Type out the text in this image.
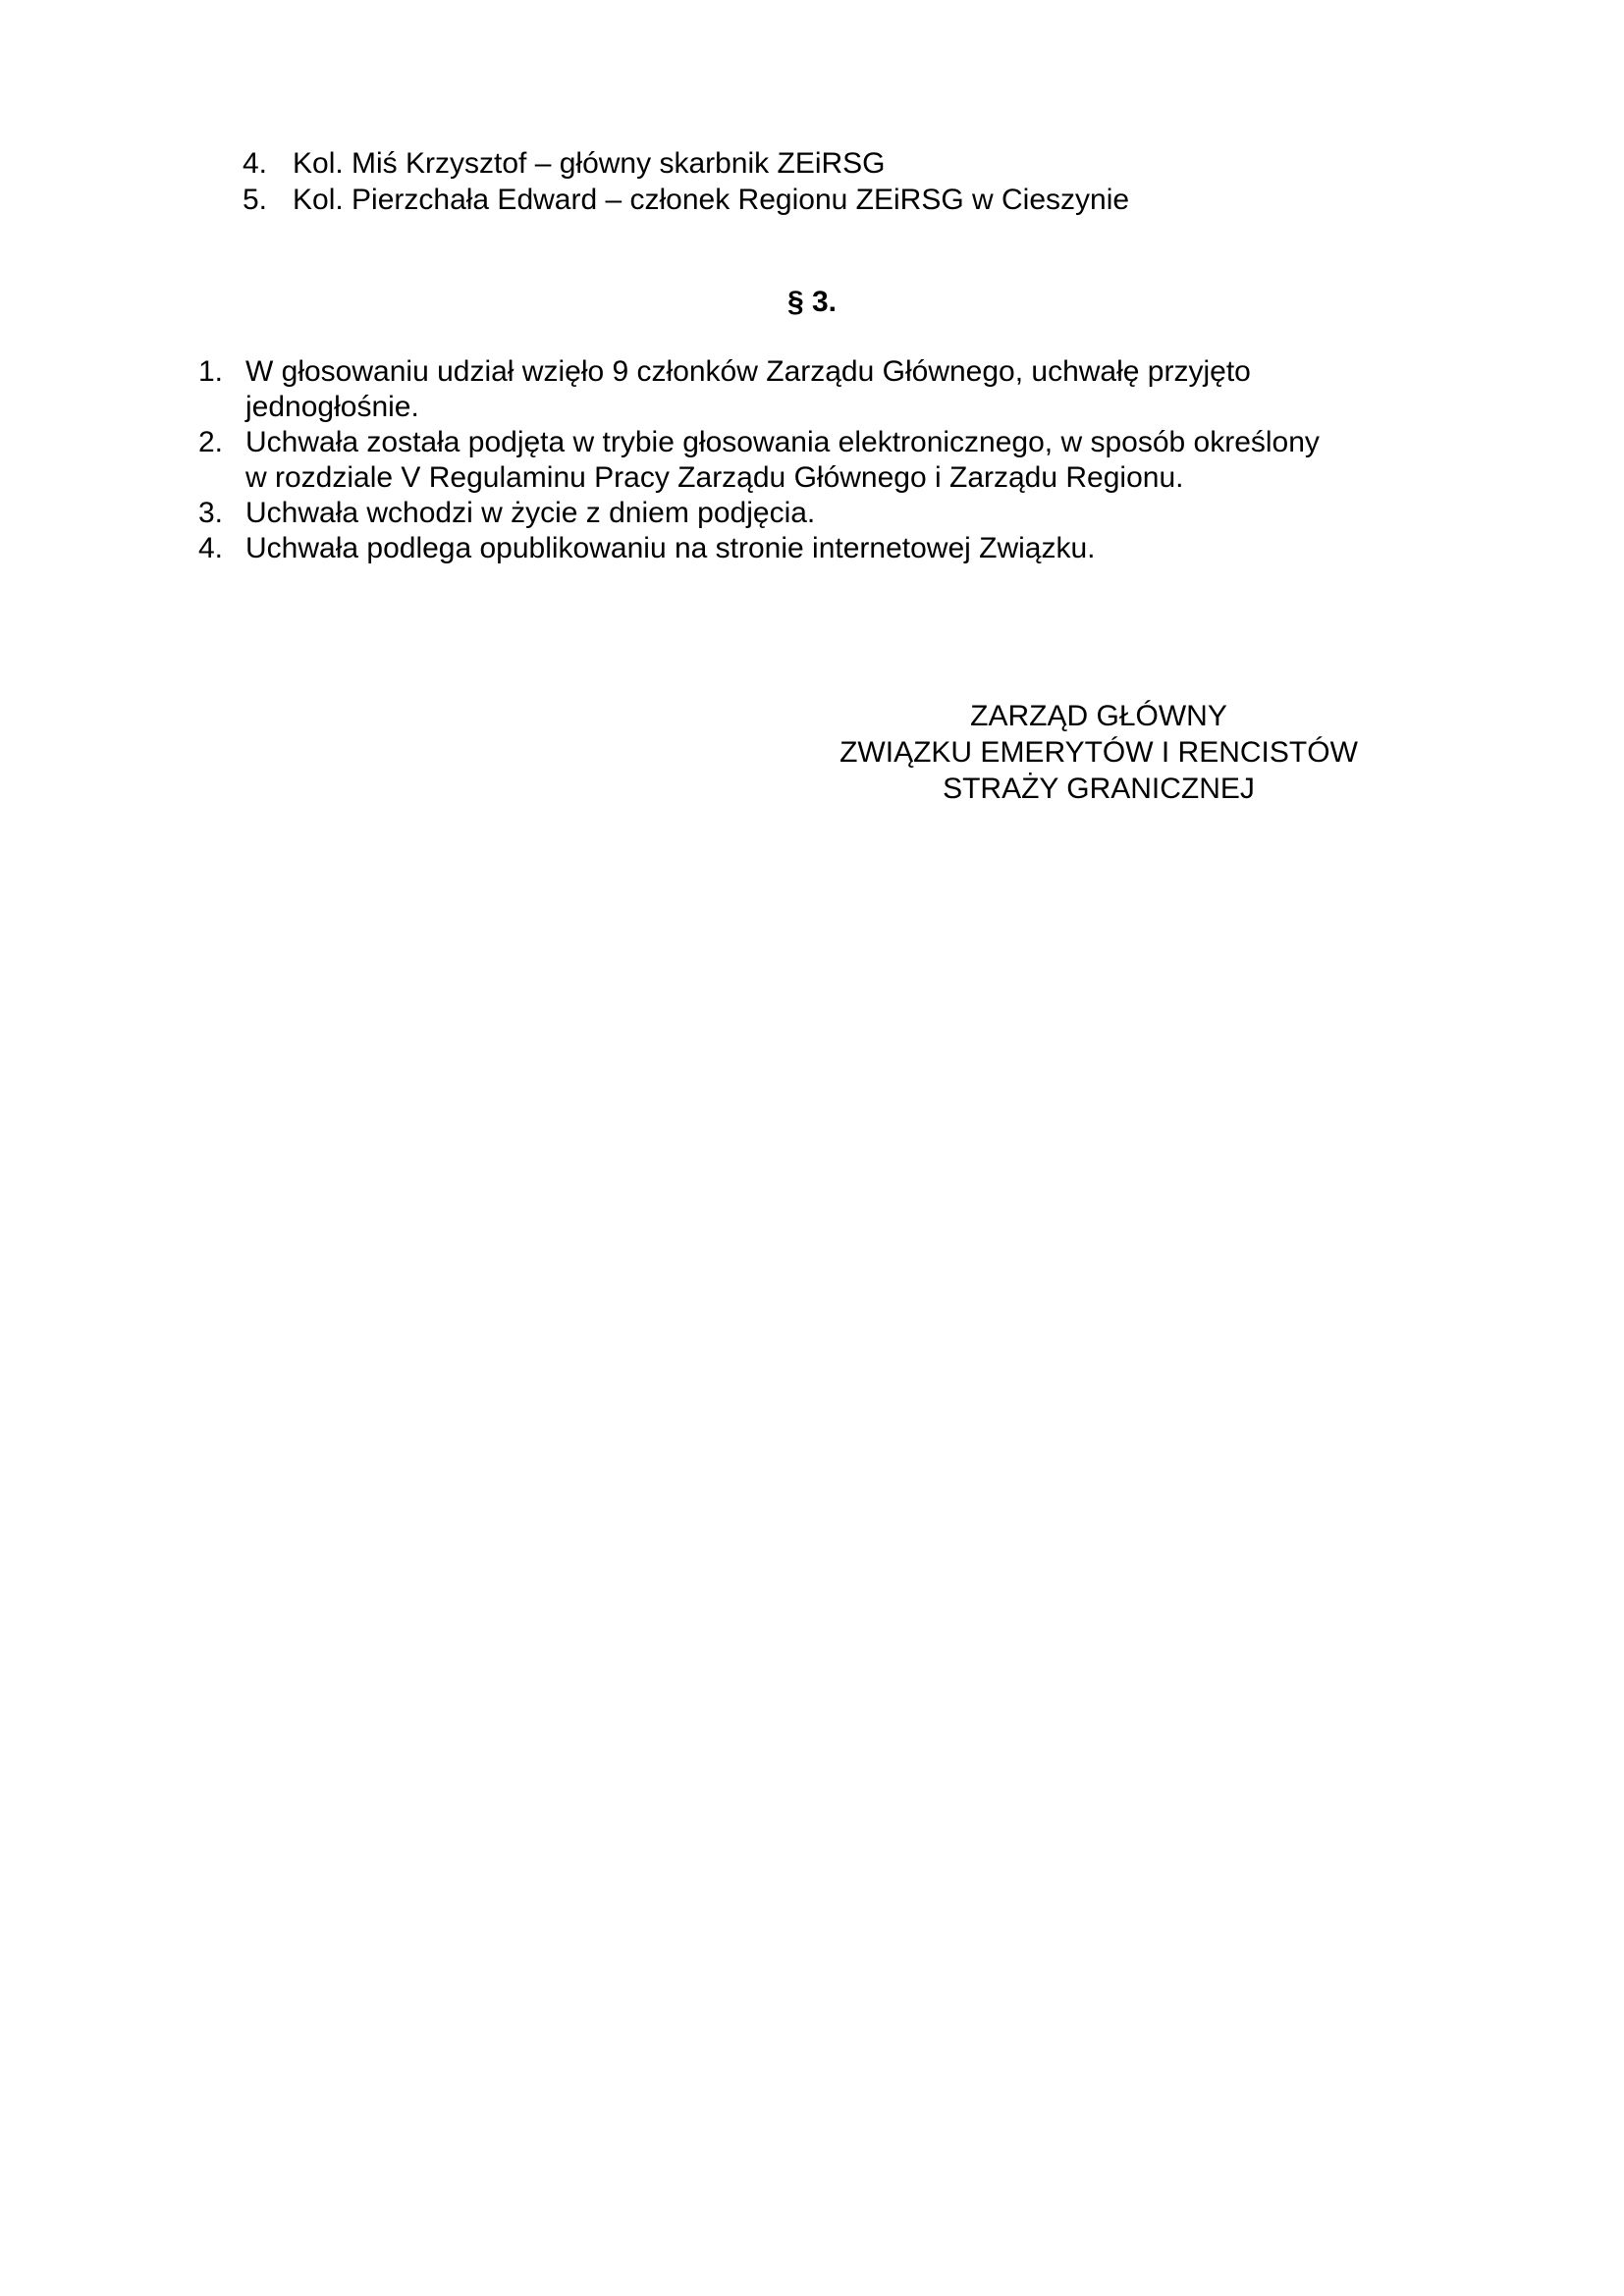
4. Kol. Miś Krzysztof – główny skarbnik ZEiRSG
5. Kol. Pierzchała Edward – członek Regionu ZEiRSG w Cieszynie
§ 3.
1. W głosowaniu udział wzięło 9 członków Zarządu Głównego, uchwałę przyjęto
jednogłośnie.
2. Uchwała została podjęta w trybie głosowania elektronicznego, w sposób określony
w rozdziale V Regulaminu Pracy Zarządu Głównego i Zarządu Regionu.
3. Uchwała wchodzi w życie z dniem podjęcia.
4. Uchwała podlega opublikowaniu na stronie internetowej Związku.
ZARZĄD GŁÓWNY
ZWIĄZKU EMERYTÓW I RENCISTÓW
STRAŻY GRANICZNEJ
